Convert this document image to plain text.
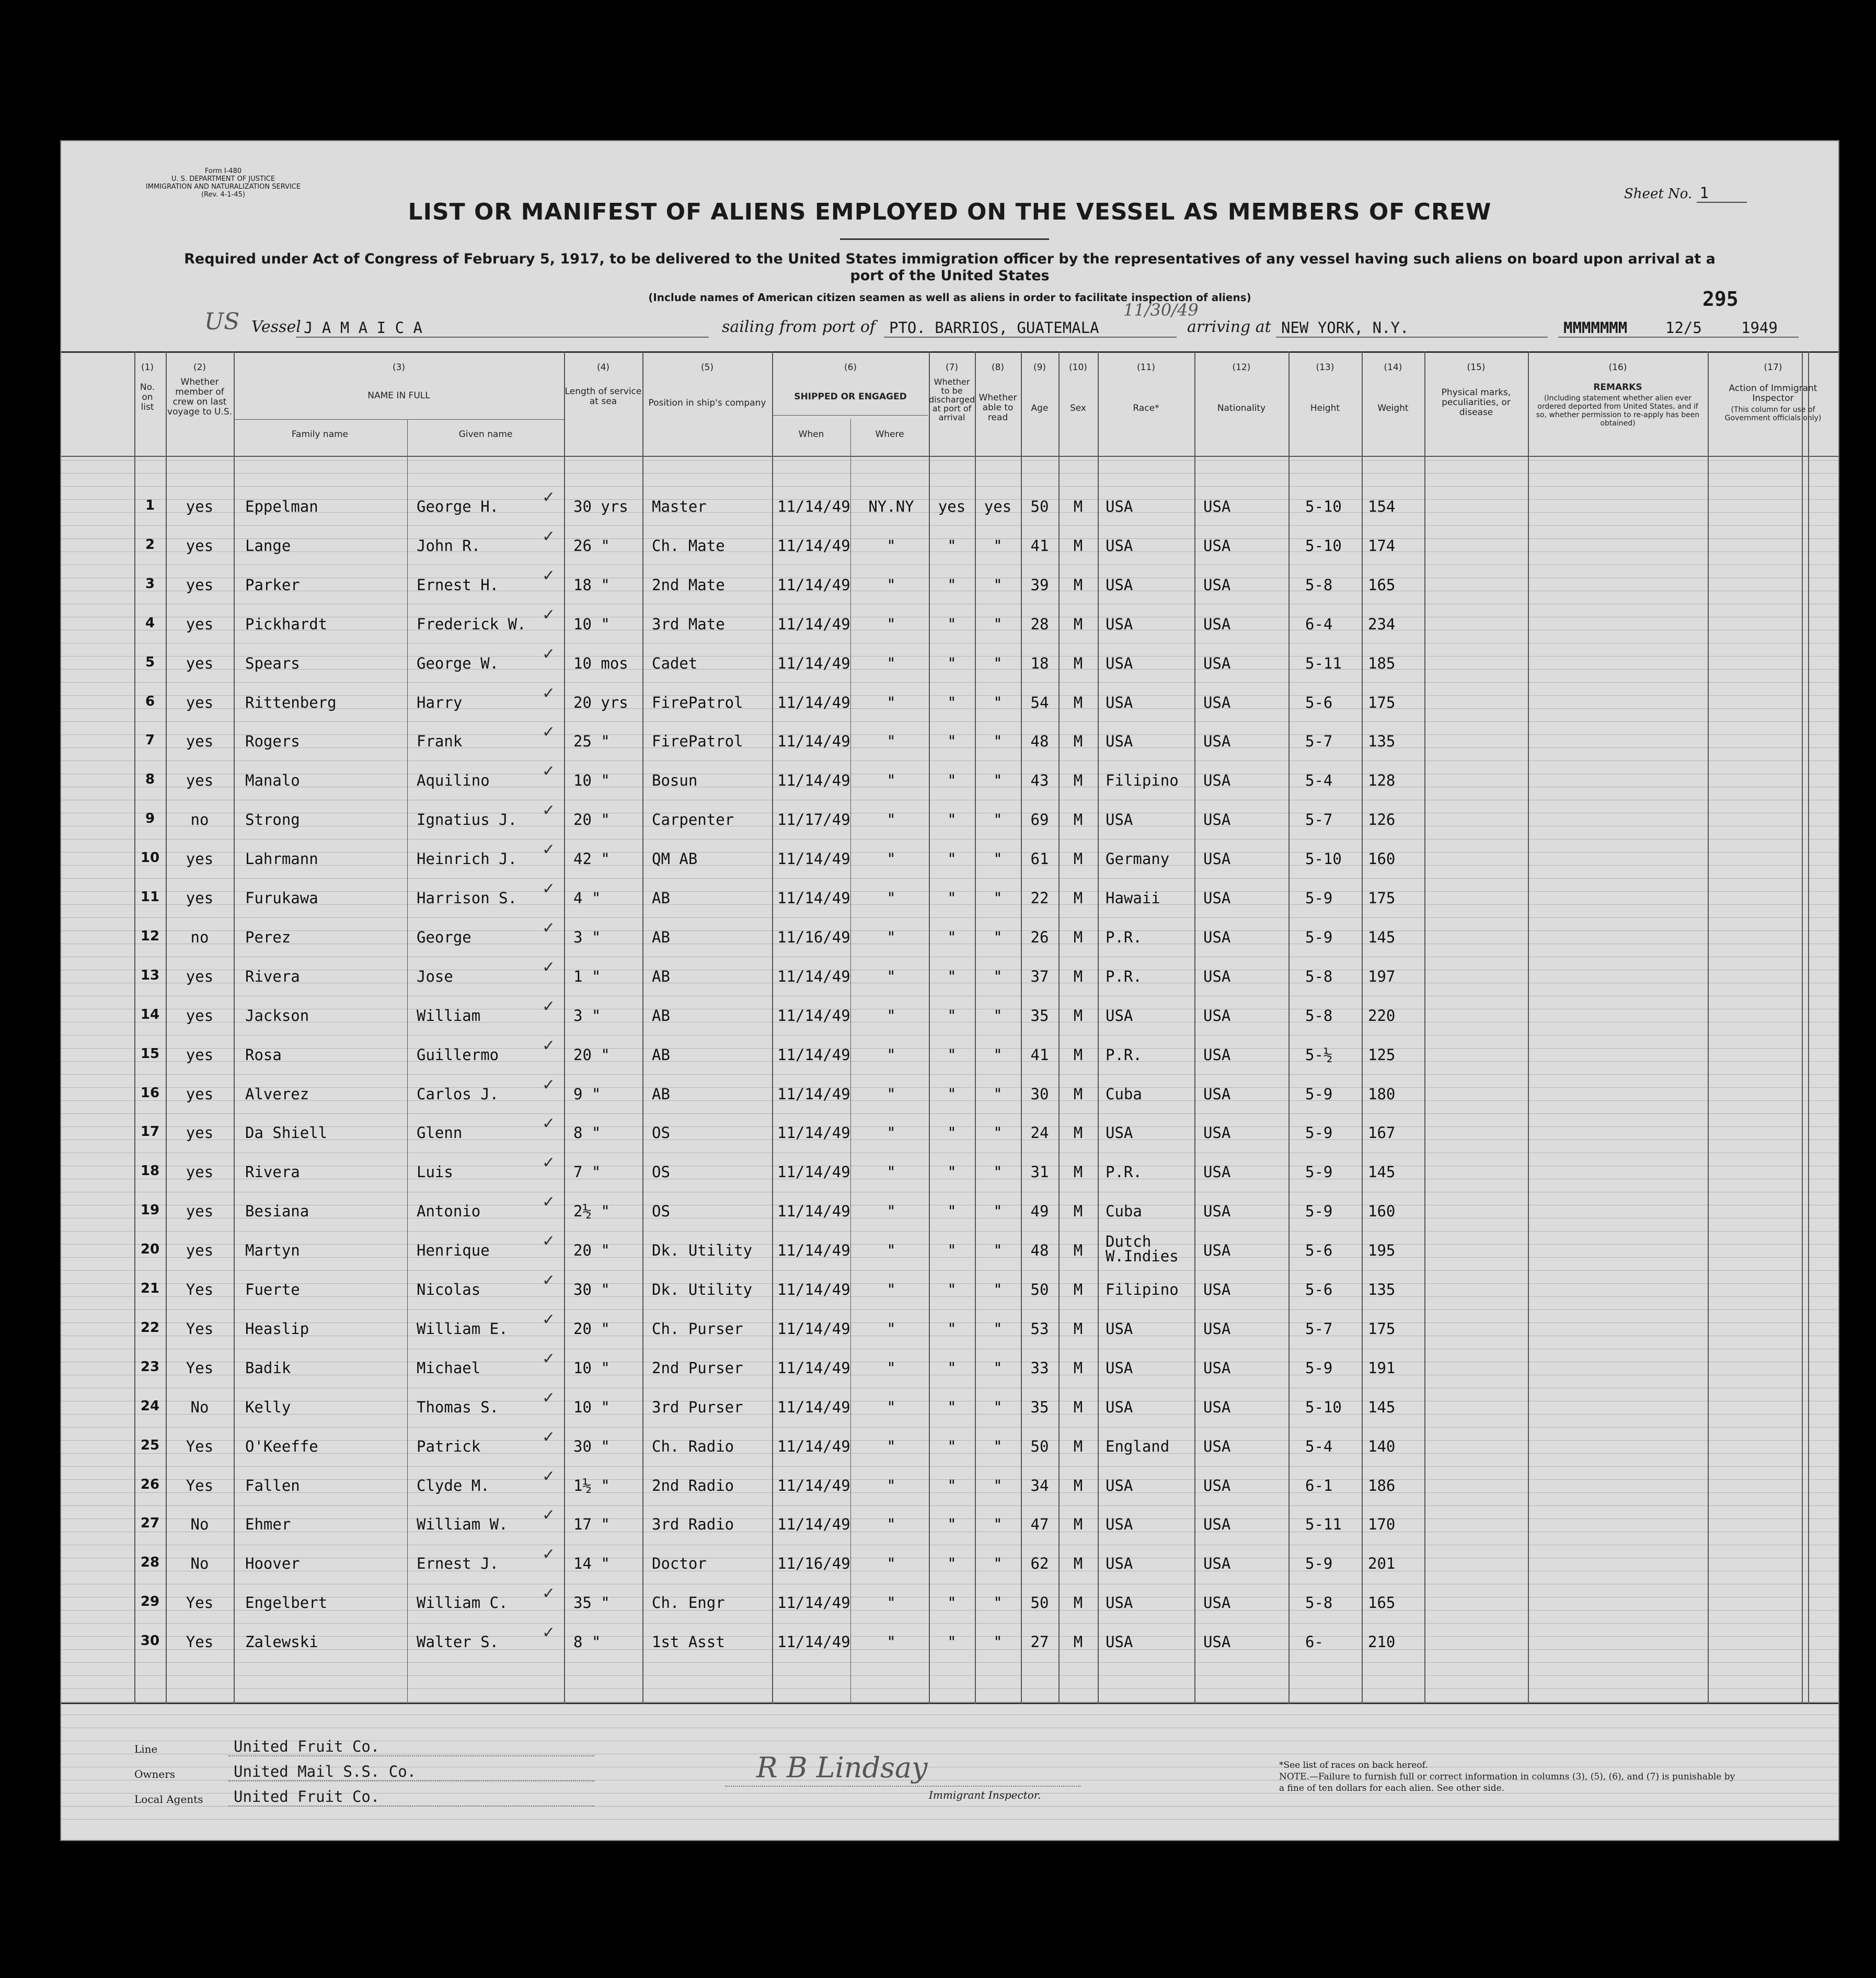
Form I-480
U. S. DEPARTMENT OF JUSTICE
IMMIGRATION AND NATURALIZATION SERVICE
(Rev. 4-1-45)	Sheet No. 1
LIST OR MANIFEST OF ALIENS EMPLOYED ON THE VESSEL AS MEMBERS OF CREW
Required under Act of Congress of February 5, 1917, to be delivered to the United States immigration officer by the representatives of any vessel having such aliens on board upon arrival at a port of the United States
(Include names of American citizen seamen as well as aliens in order to facilitate inspection of aliens)	295
US Vessel J A M A I C A	sailing from port of PTO. BARRIOS, GUATEMALA
11/30/49
arriving at NEW YORK, N.Y.	MMMMMMM	12/5	1949
(1)
No. on list
(2)
Whether member of crew on last voyage to U.S.
(3)
NAME IN FULL
Family name	Given name
(4)
Length of service at sea
(5)
Position in ship's company
(6)
SHIPPED OR ENGAGED
When	Where
(7)
Whether to be discharged at port of arrival
(8)
Whether able to read
(9)
Age
(10)
Sex
(11)
Race*
(12)
Nationality
(13)
Height
(14)
Weight
(15)
Physical marks, peculiarities, or disease
(16)
REMARKS
(Including statement whether alien ever ordered deported from United States, and if so, whether permission to re-apply has been obtained)
(17)
Action of Immigrant Inspector
(This column for use of Government officials only)
1	yes	Eppelman	George H.	30 yrs	Master	11/14/49	NY.NY	yes	yes	50	M	USA	USA	5-10	154
✓
2	yes	Lange	John R.	26 "	Ch. Mate	11/14/49	"	"	"	41	M	USA	USA	5-10	174
✓
3	yes	Parker	Ernest H.	18 "	2nd Mate	11/14/49	"	"	"	39	M	USA	USA	5-8	165
✓
4	yes	Pickhardt	Frederick W.	10 "	3rd Mate	11/14/49	"	"	"	28	M	USA	USA	6-4	234
✓
5	yes	Spears	George W.	10 mos	Cadet	11/14/49	"	"	"	18	M	USA	USA	5-11	185
✓
6	yes	Rittenberg	Harry	20 yrs	FirePatrol	11/14/49	"	"	"	54	M	USA	USA	5-6	175
✓
7	yes	Rogers	Frank	25 "	FirePatrol	11/14/49	"	"	"	48	M	USA	USA	5-7	135
✓
8	yes	Manalo	Aquilino	10 "	Bosun	11/14/49	"	"	"	43	M	Filipino	USA	5-4	128
✓
9	no	Strong	Ignatius J.	20 "	Carpenter	11/17/49	"	"	"	69	M	USA	USA	5-7	126
✓
10	yes	Lahrmann	Heinrich J.	42 "	QM AB	11/14/49	"	"	"	61	M	Germany	USA	5-10	160
✓
11	yes	Furukawa	Harrison S.	4 "	AB	11/14/49	"	"	"	22	M	Hawaii	USA	5-9	175
✓
12	no	Perez	George	3 "	AB	11/16/49	"	"	"	26	M	P.R.	USA	5-9	145
✓
13	yes	Rivera	Jose	1 "	AB	11/14/49	"	"	"	37	M	P.R.	USA	5-8	197
✓
14	yes	Jackson	William	3 "	AB	11/14/49	"	"	"	35	M	USA	USA	5-8	220
✓
15	yes	Rosa	Guillermo	20 "	AB	11/14/49	"	"	"	41	M	P.R.	USA	5-½	125
✓
16	yes	Alverez	Carlos J.	9 "	AB	11/14/49	"	"	"	30	M	Cuba	USA	5-9	180
✓
17	yes	Da Shiell	Glenn	8 "	OS	11/14/49	"	"	"	24	M	USA	USA	5-9	167
✓
18	yes	Rivera	Luis	7 "	OS	11/14/49	"	"	"	31	M	P.R.	USA	5-9	145
✓
19	yes	Besiana	Antonio	2½ "	OS	11/14/49	"	"	"	49	M	Cuba	USA	5-9	160
✓
20	yes	Martyn	Henrique	20 "	Dk. Utility	11/14/49	"	"	"	48	M	Dutch W.Indies	USA	5-6	195
✓
21	Yes	Fuerte	Nicolas	30 "	Dk. Utility	11/14/49	"	"	"	50	M	Filipino	USA	5-6	135
✓
22	Yes	Heaslip	William E.	20 "	Ch. Purser	11/14/49	"	"	"	53	M	USA	USA	5-7	175
✓
23	Yes	Badik	Michael	10 "	2nd Purser	11/14/49	"	"	"	33	M	USA	USA	5-9	191
✓
24	No	Kelly	Thomas S.	10 "	3rd Purser	11/14/49	"	"	"	35	M	USA	USA	5-10	145
✓
25	Yes	O'Keeffe	Patrick	30 "	Ch. Radio	11/14/49	"	"	"	50	M	England	USA	5-4	140
✓
26	Yes	Fallen	Clyde M.	1½ "	2nd Radio	11/14/49	"	"	"	34	M	USA	USA	6-1	186
✓
27	No	Ehmer	William W.	17 "	3rd Radio	11/14/49	"	"	"	47	M	USA	USA	5-11	170
✓
28	No	Hoover	Ernest J.	14 "	Doctor	11/16/49	"	"	"	62	M	USA	USA	5-9	201
✓
29	Yes	Engelbert	William C.	35 "	Ch. Engr	11/14/49	"	"	"	50	M	USA	USA	5-8	165
✓
30	Yes	Zalewski	Walter S.	8 "	1st Asst	11/14/49	"	"	"	27	M	USA	USA	6-	210
✓
Line	United Fruit Co.
Owners	United Mail S.S. Co.
Local Agents United Fruit Co.
R B Lindsay
Immigrant Inspector.
*See list of races on back hereof.
NOTE.—Failure to furnish full or correct information in columns (3), (5), (6), and (7) is punishable by a fine of ten dollars for each alien. See other side.
